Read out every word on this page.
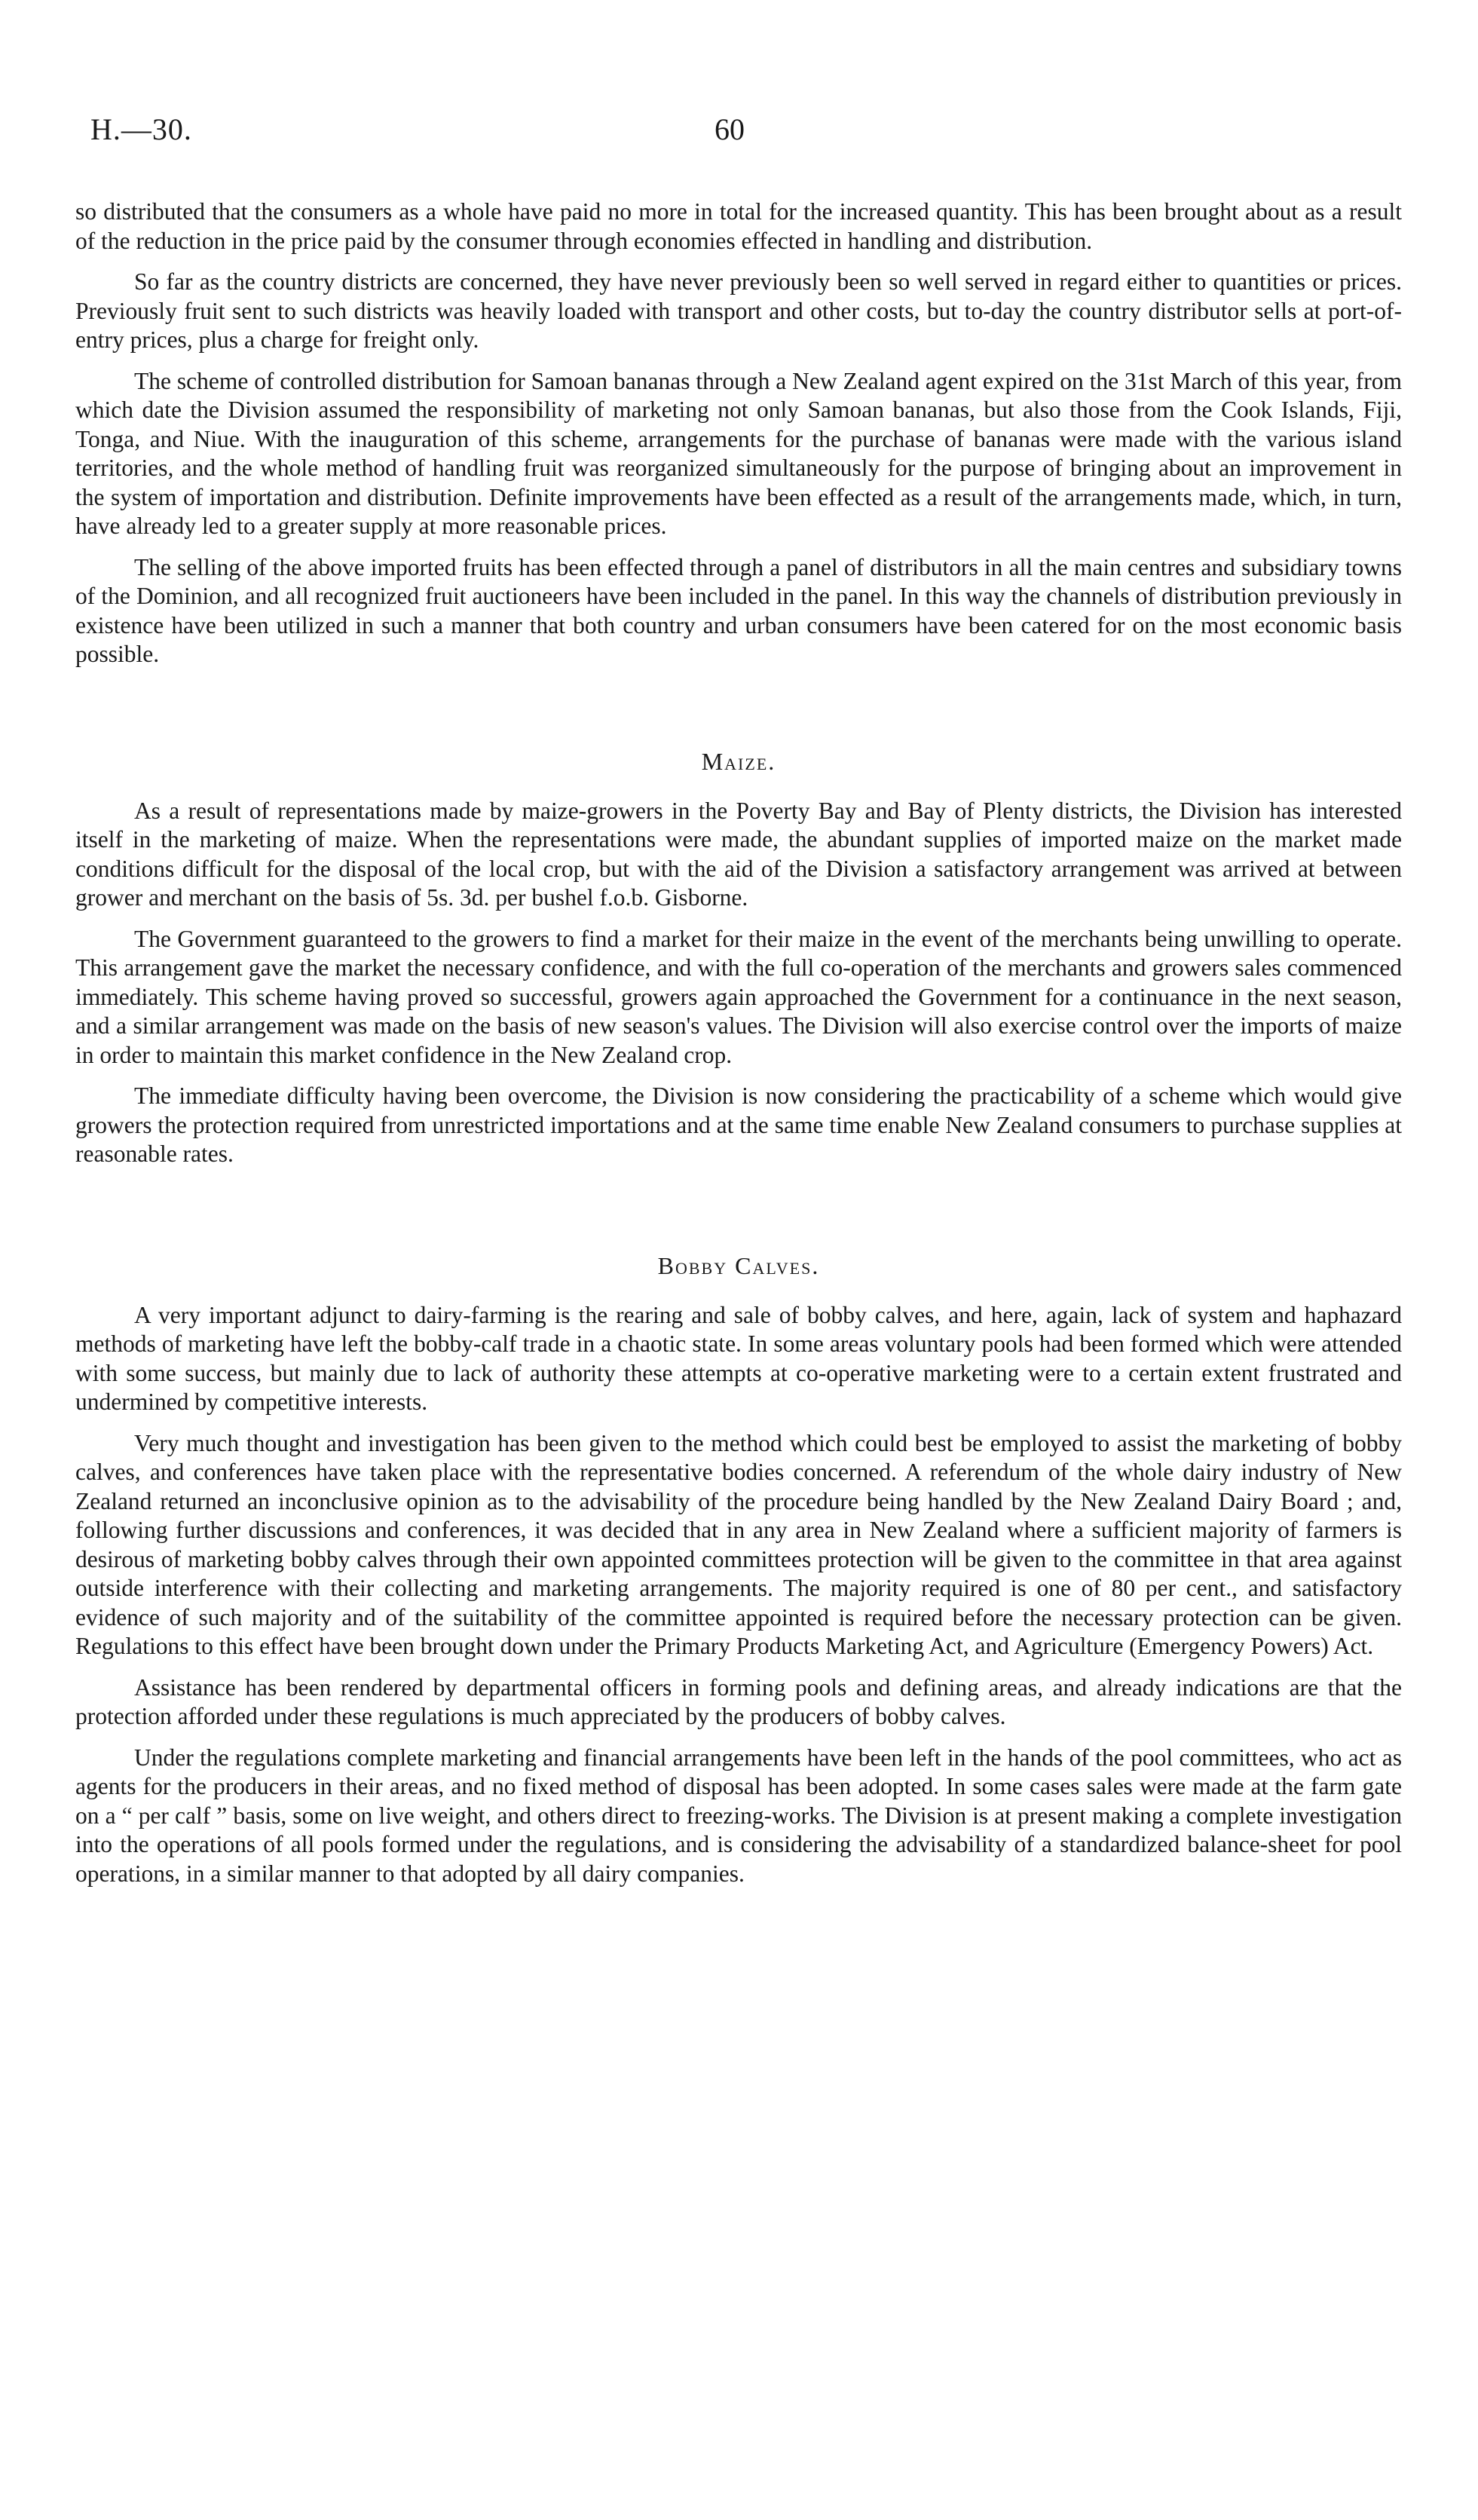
H.—30.	60

so distributed that the consumers as a whole have paid no more in total for the increased quantity. This has been brought about as a result of the reduction in the price paid by the consumer through economies effected in handling and distribution.

So far as the country districts are concerned, they have never previously been so well served in regard either to quantities or prices. Previously fruit sent to such districts was heavily loaded with transport and other costs, but to-day the country distributor sells at port-of-entry prices, plus a charge for freight only.

The scheme of controlled distribution for Samoan bananas through a New Zealand agent expired on the 31st March of this year, from which date the Division assumed the responsibility of marketing not only Samoan bananas, but also those from the Cook Islands, Fiji, Tonga, and Niue. With the inauguration of this scheme, arrangements for the purchase of bananas were made with the various island territories, and the whole method of handling fruit was reorganized simultaneously for the purpose of bringing about an improvement in the system of importation and distribution. Definite improvements have been effected as a result of the arrangements made, which, in turn, have already led to a greater supply at more reasonable prices.

The selling of the above imported fruits has been effected through a panel of distributors in all the main centres and subsidiary towns of the Dominion, and all recognized fruit auctioneers have been included in the panel. In this way the channels of distribution previously in existence have been utilized in such a manner that both country and urban consumers have been catered for on the most economic basis possible.

Maize.

As a result of representations made by maize-growers in the Poverty Bay and Bay of Plenty districts, the Division has interested itself in the marketing of maize. When the representations were made, the abundant supplies of imported maize on the market made conditions difficult for the disposal of the local crop, but with the aid of the Division a satisfactory arrangement was arrived at between grower and merchant on the basis of 5s. 3d. per bushel f.o.b. Gisborne.

The Government guaranteed to the growers to find a market for their maize in the event of the merchants being unwilling to operate. This arrangement gave the market the necessary confidence, and with the full co-operation of the merchants and growers sales commenced immediately. This scheme having proved so successful, growers again approached the Government for a continuance in the next season, and a similar arrangement was made on the basis of new season's values. The Division will also exercise control over the imports of maize in order to maintain this market confidence in the New Zealand crop.

The immediate difficulty having been overcome, the Division is now considering the practicability of a scheme which would give growers the protection required from unrestricted importations and at the same time enable New Zealand consumers to purchase supplies at reasonable rates.

Bobby Calves.

A very important adjunct to dairy-farming is the rearing and sale of bobby calves, and here, again, lack of system and haphazard methods of marketing have left the bobby-calf trade in a chaotic state. In some areas voluntary pools had been formed which were attended with some success, but mainly due to lack of authority these attempts at co-operative marketing were to a certain extent frustrated and undermined by competitive interests.

Very much thought and investigation has been given to the method which could best be employed to assist the marketing of bobby calves, and conferences have taken place with the representative bodies concerned. A referendum of the whole dairy industry of New Zealand returned an inconclusive opinion as to the advisability of the procedure being handled by the New Zealand Dairy Board ; and, following further discussions and conferences, it was decided that in any area in New Zealand where a sufficient majority of farmers is desirous of marketing bobby calves through their own appointed committees protection will be given to the committee in that area against outside interference with their collecting and marketing arrangements. The majority required is one of 80 per cent., and satisfactory evidence of such majority and of the suitability of the committee appointed is required before the necessary protection can be given. Regulations to this effect have been brought down under the Primary Products Marketing Act, and Agriculture (Emergency Powers) Act.

Assistance has been rendered by departmental officers in forming pools and defining areas, and already indications are that the protection afforded under these regulations is much appreciated by the producers of bobby calves.

Under the regulations complete marketing and financial arrangements have been left in the hands of the pool committees, who act as agents for the producers in their areas, and no fixed method of disposal has been adopted. In some cases sales were made at the farm gate on a “ per calf ” basis, some on live weight, and others direct to freezing-works. The Division is at present making a complete investigation into the operations of all pools formed under the regulations, and is considering the advisability of a standardized balance-sheet for pool operations, in a similar manner to that adopted by all dairy companies.
